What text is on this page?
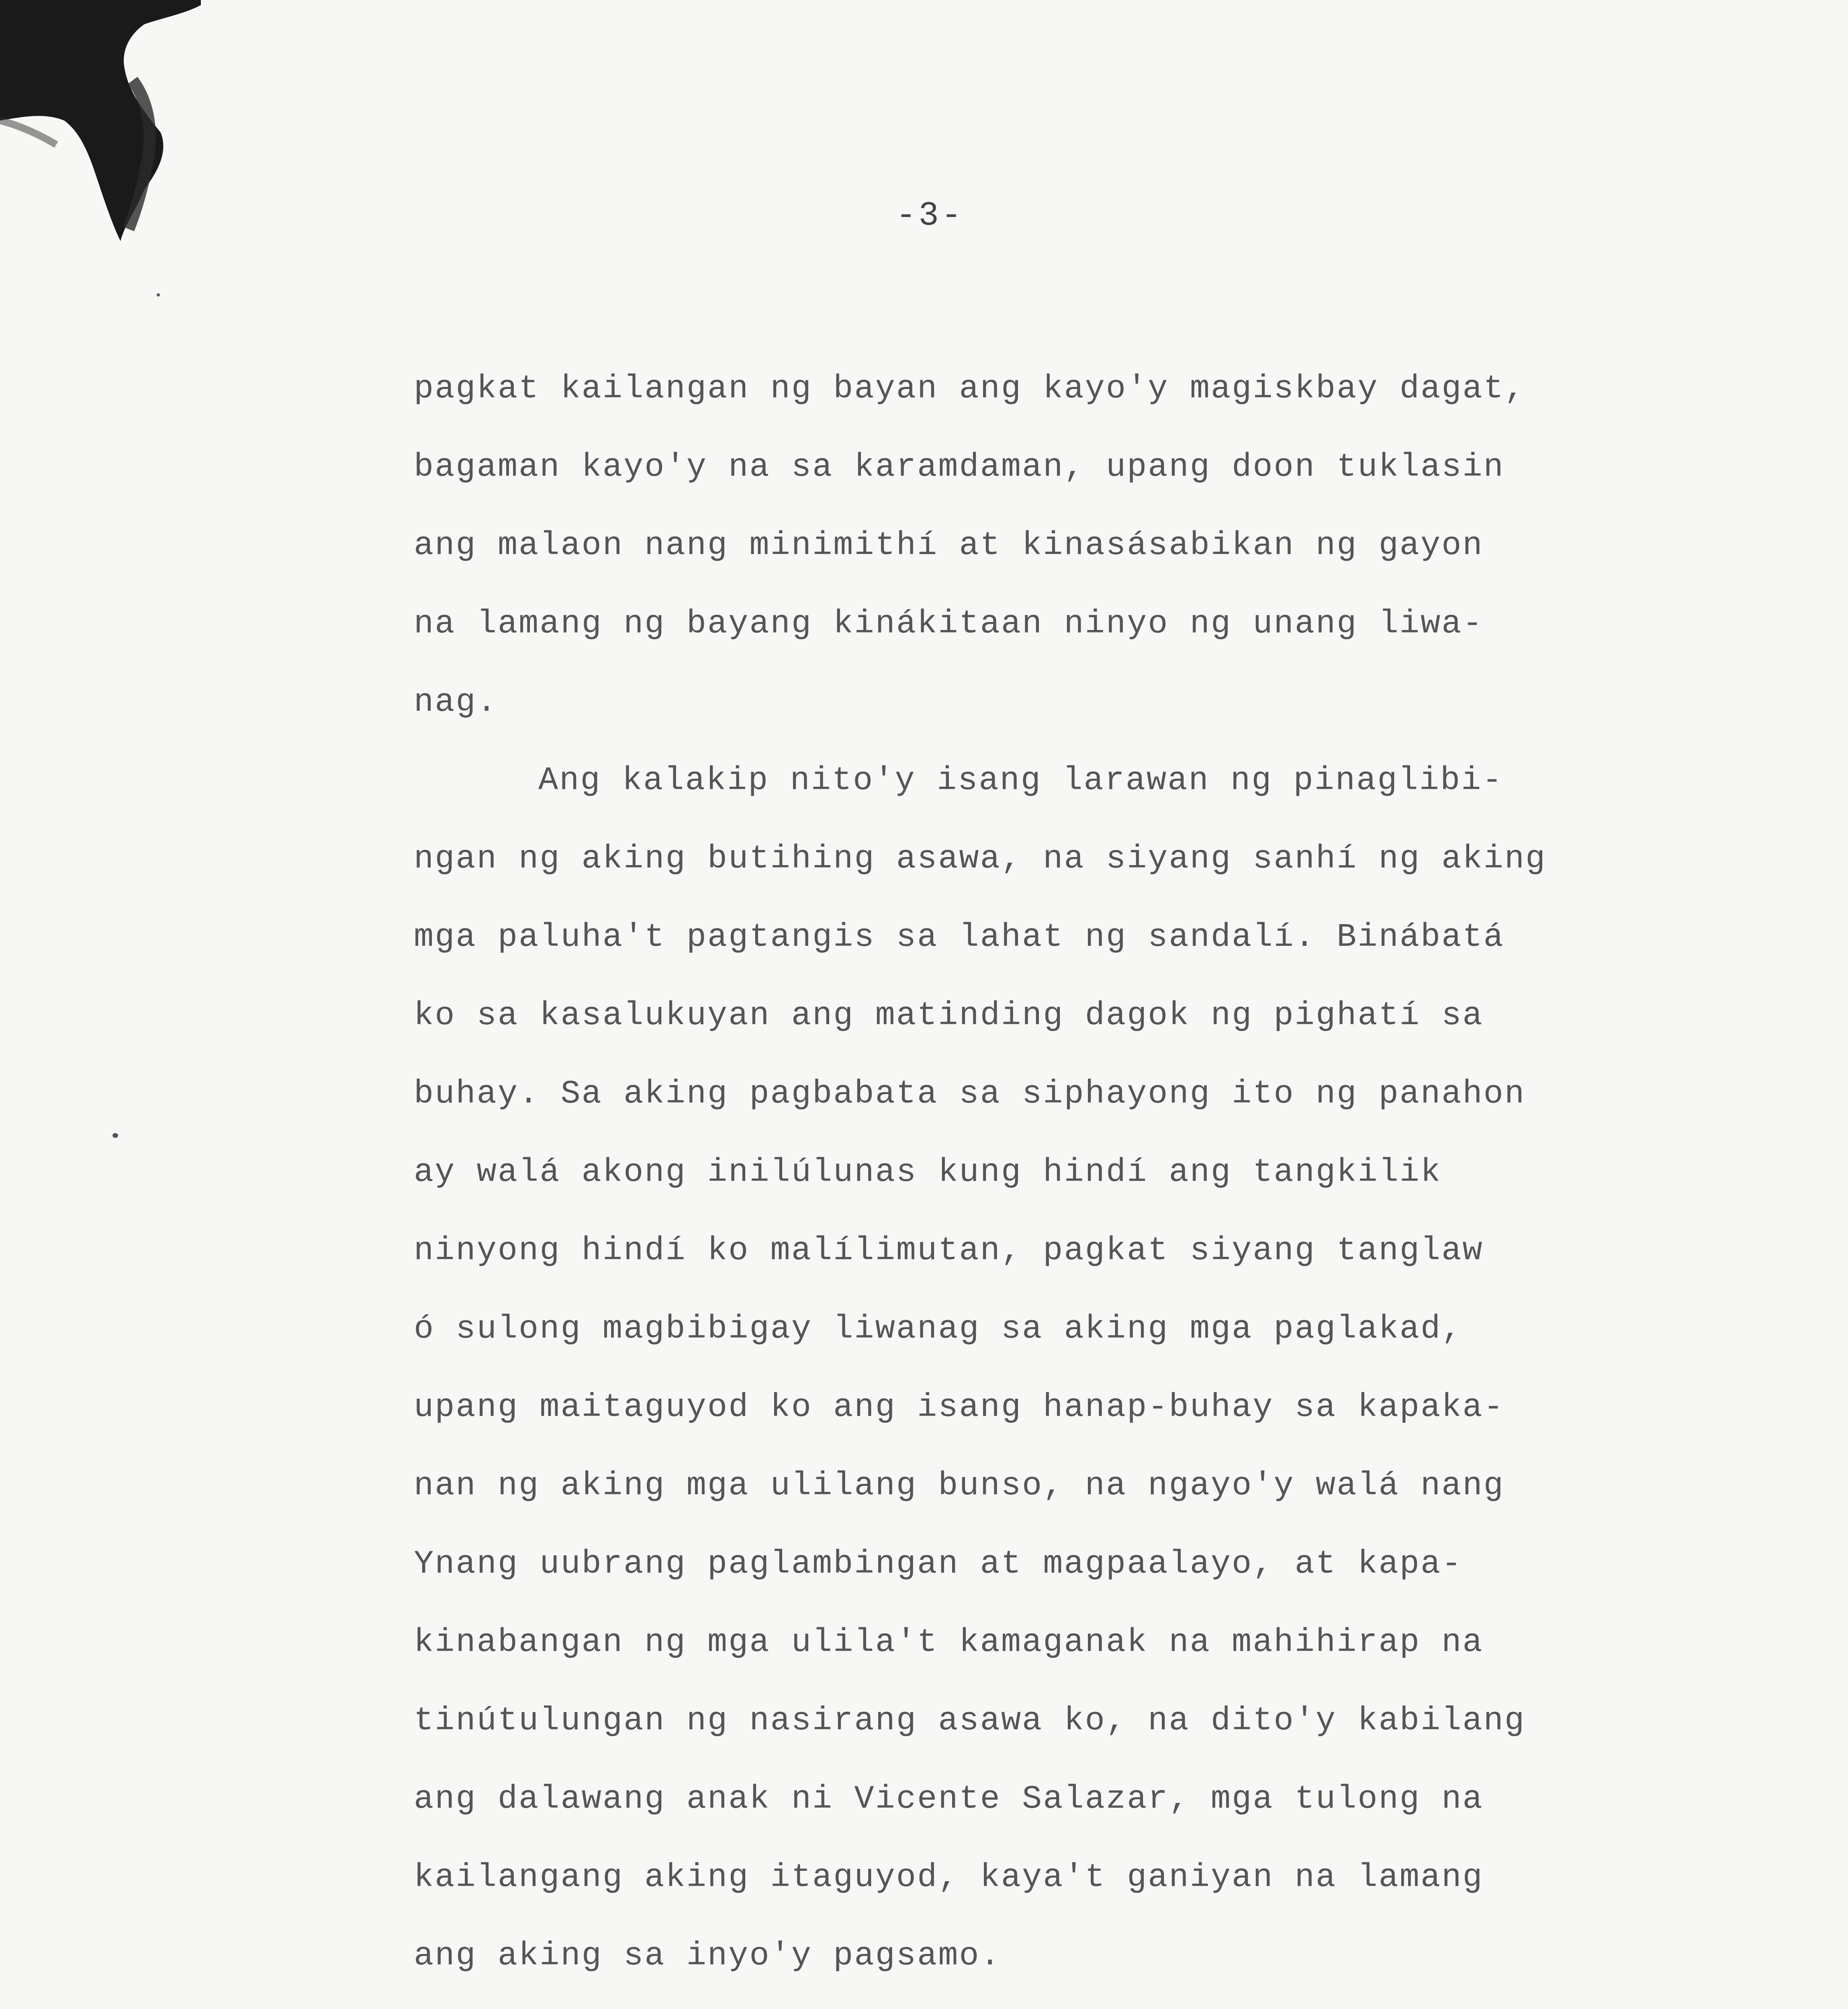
-3-
pagkat kailangan ng bayan ang kayo'y magiskbay dagat,
bagaman kayo'y na sa karamdaman, upang doon tuklasin
ang malaon nang minimithí at kinasásabikan ng gayon
na lamang ng bayang kinákitaan ninyo ng unang liwa-
nag.
Ang kalakip nito'y isang larawan ng pinaglibi-
ngan ng aking butihing asawa, na siyang sanhí ng aking
mga paluha't pagtangis sa lahat ng sandalí. Binábatá
ko sa kasalukuyan ang matinding dagok ng pighatí sa
buhay. Sa aking pagbabata sa siphayong ito ng panahon
ay walá akong inilúlunas kung hindí ang tangkilik
ninyong hindí ko malílimutan, pagkat siyang tanglaw
ó sulong magbibigay liwanag sa aking mga paglakad,
upang maitaguyod ko ang isang hanap-buhay sa kapaka-
nan ng aking mga ulilang bunso, na ngayo'y walá nang
Ynang uubrang paglambingan at magpaalayo, at kapa-
kinabangan ng mga ulila't kamaganak na mahihirap na
tinútulungan ng nasirang asawa ko, na dito'y kabilang
ang dalawang anak ni Vicente Salazar, mga tulong na
kailangang aking itaguyod, kaya't ganiyan na lamang
ang aking sa inyo'y pagsamo.
